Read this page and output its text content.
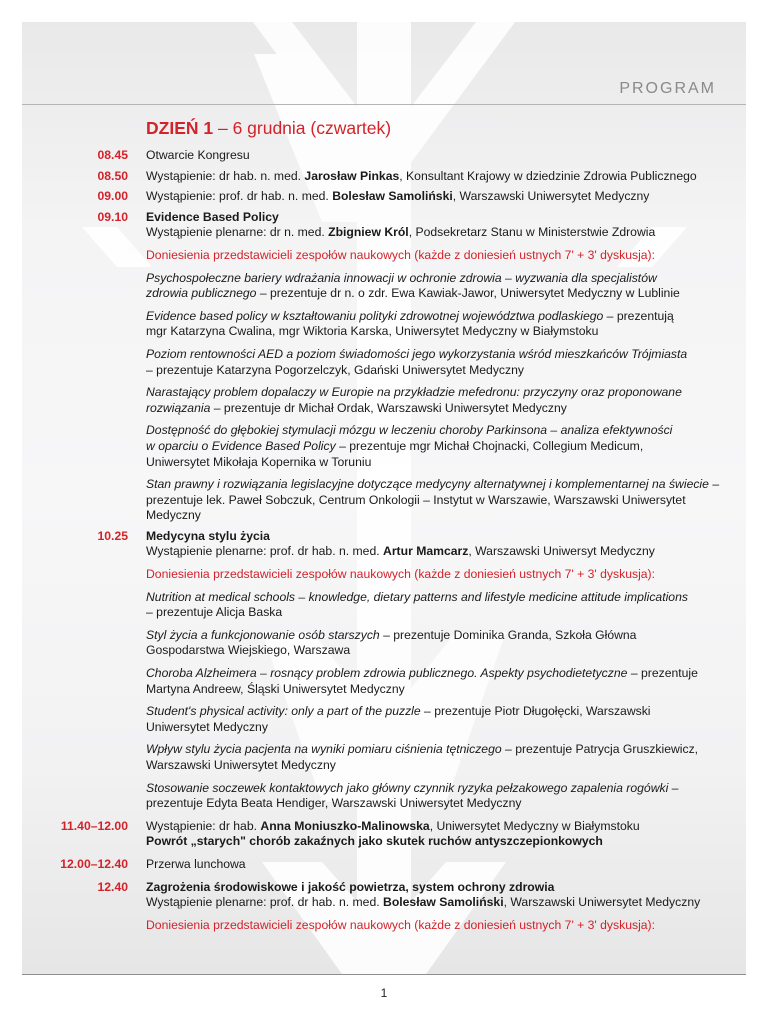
PROGRAM
DZIEŃ 1 – 6 grudnia (czwartek)
08.45 Otwarcie Kongresu
08.50 Wystąpienie: dr hab. n. med. Jarosław Pinkas, Konsultant Krajowy w dziedzinie Zdrowia Publicznego
09.00 Wystąpienie: prof. dr hab. n. med. Bolesław Samoliński, Warszawski Uniwersytet Medyczny
09.10 Evidence Based Policy
Wystąpienie plenarne: dr n. med. Zbigniew Król, Podsekretarz Stanu w Ministerstwie Zdrowia
Doniesienia przedstawicieli zespołów naukowych (każde z doniesień ustnych 7' + 3' dyskusja):
Psychospołeczne bariery wdrażania innowacji w ochronie zdrowia – wyzwania dla specjalistów
zdrowia publicznego – prezentuje dr n. o zdr. Ewa Kawiak-Jawor, Uniwersytet Medyczny w Lublinie
Evidence based policy w kształtowaniu polityki zdrowotnej województwa podlaskiego – prezentują
mgr Katarzyna Cwalina, mgr Wiktoria Karska, Uniwersytet Medyczny w Białymstoku
Poziom rentowności AED a poziom świadomości jego wykorzystania wśród mieszkańców Trójmiasta
– prezentuje Katarzyna Pogorzelczyk, Gdański Uniwersytet Medyczny
Narastający problem dopalaczy w Europie na przykładzie mefedronu: przyczyny oraz proponowane
rozwiązania – prezentuje dr Michał Ordak, Warszawski Uniwersytet Medyczny
Dostępność do głębokiej stymulacji mózgu w leczeniu choroby Parkinsona – analiza efektywności
w oparciu o Evidence Based Policy – prezentuje mgr Michał Chojnacki, Collegium Medicum,
Uniwersytet Mikołaja Kopernika w Toruniu
Stan prawny i rozwiązania legislacyjne dotyczące medycyny alternatywnej i komplementarnej na świecie –
prezentuje lek. Paweł Sobczuk, Centrum Onkologii – Instytut w Warszawie, Warszawski Uniwersytet
Medyczny
10.25 Medycyna stylu życia
Wystąpienie plenarne: prof. dr hab. n. med. Artur Mamcarz, Warszawski Uniwersyt Medyczny
Doniesienia przedstawicieli zespołów naukowych (każde z doniesień ustnych 7' + 3' dyskusja):
Nutrition at medical schools – knowledge, dietary patterns and lifestyle medicine attitude implications
– prezentuje Alicja Baska
Styl życia a funkcjonowanie osób starszych – prezentuje Dominika Granda, Szkoła Główna
Gospodarstwa Wiejskiego, Warszawa
Choroba Alzheimera – rosnący problem zdrowia publicznego. Aspekty psychodietetyczne – prezentuje
Martyna Andreew, Śląski Uniwersytet Medyczny
Student's physical activity: only a part of the puzzle – prezentuje Piotr Długołęcki, Warszawski
Uniwersytet Medyczny
Wpływ stylu życia pacjenta na wyniki pomiaru ciśnienia tętniczego – prezentuje Patrycja Gruszkiewicz,
Warszawski Uniwersytet Medyczny
Stosowanie soczewek kontaktowych jako główny czynnik ryzyka pełzakowego zapalenia rogówki –
prezentuje Edyta Beata Hendiger, Warszawski Uniwersytet Medyczny
11.40–12.00 Wystąpienie: dr hab. Anna Moniuszko-Malinowska, Uniwersytet Medyczny w Białymstoku
Powrót „starych" chorób zakaźnych jako skutek ruchów antyszczepionkowych
12.00–12.40 Przerwa lunchowa
12.40 Zagrożenia środowiskowe i jakość powietrza, system ochrony zdrowia
Wystąpienie plenarne: prof. dr hab. n. med. Bolesław Samoliński, Warszawski Uniwersytet Medyczny
Doniesienia przedstawicieli zespołów naukowych (każde z doniesień ustnych 7' + 3' dyskusja):
1
